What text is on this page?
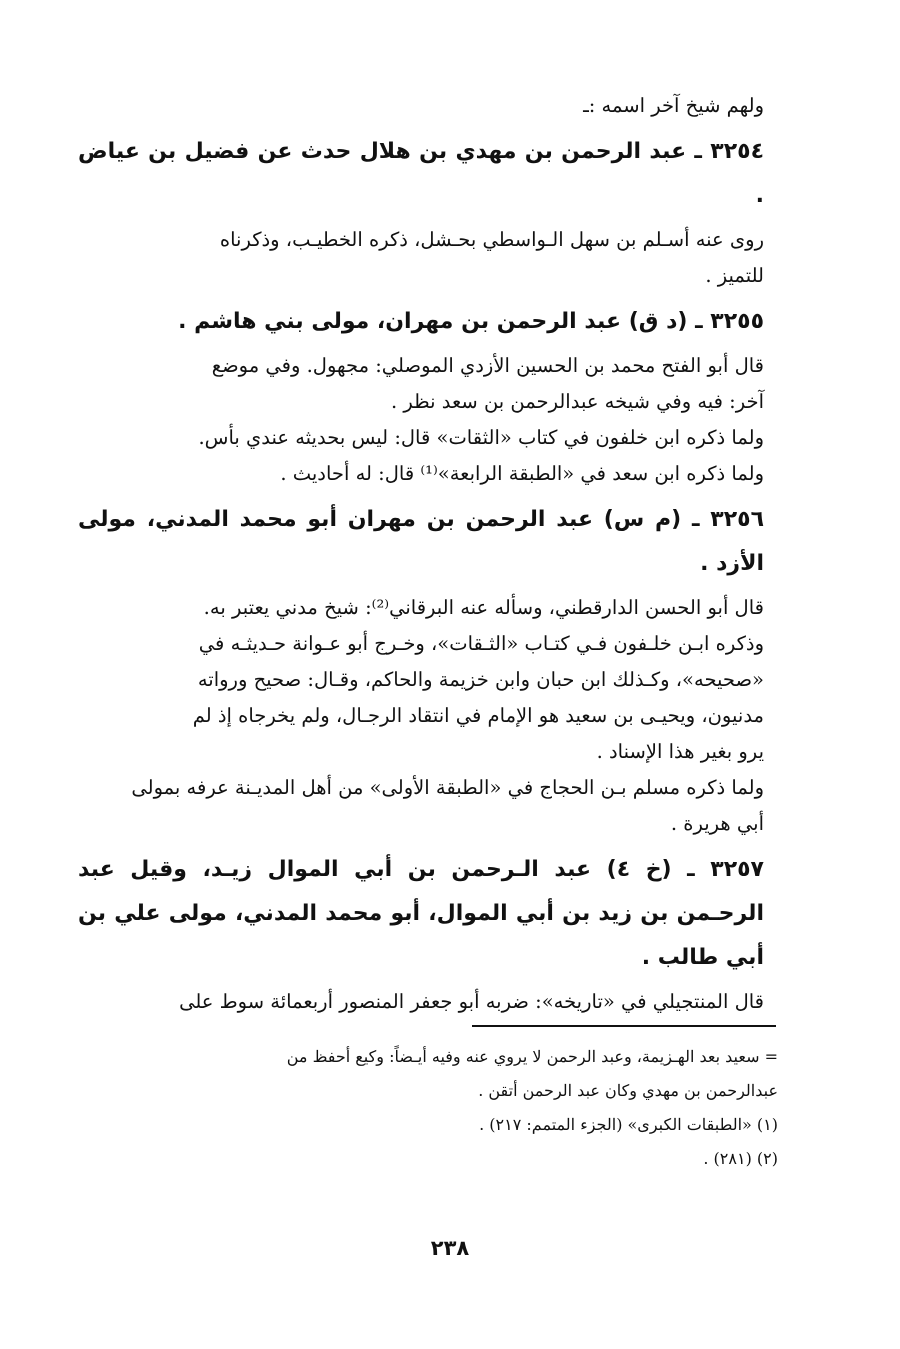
ولهم شيخ آخر اسمه :ـ

٣٢٥٤ ـ عبد الرحمن بن مهدي بن هلال حدث عن فضيل بن عياض .

روى عنه أسـلم بن سهل الـواسطي بحـشل، ذكره الخطيـب، وذكرناه
للتميز .

٣٢٥٥ ـ (د ق) عبد الرحمن بن مهران، مولى بني هاشم .

قال أبو الفتح محمد بن الحسين الأزدي الموصلي: مجهول. وفي موضع
آخر: فيه وفي شيخه عبدالرحمن بن سعد نظر .
ولما ذكره ابن خلفون في كتاب «الثقات» قال: ليس بحديثه عندي بأس.
ولما ذكره ابن سعد في «الطبقة الرابعة»⁽¹⁾ قال: له أحاديث .

٣٢٥٦ ـ (م س) عبد الرحمن بن مهران أبو محمد المدني، مولى الأزد .

قال أبو الحسن الدارقطني، وسأله عنه البرقاني⁽²⁾: شيخ مدني يعتبر به.
وذكره ابـن خلـفون فـي كتـاب «الثـقات»، وخـرج أبو عـوانة حـديثـه في
«صحيحه»، وكـذلك ابن حبان وابن خزيمة والحاكم، وقـال: صحيح ورواته
مدنيون، ويحيـى بن سعيد هو الإمام في انتقاد الرجـال، ولم يخرجاه إذ لم
يرو بغير هذا الإسناد .
ولما ذكره مسلم بـن الحجاج في «الطبقة الأولى» من أهل المديـنة عرفه بمولى
أبي هريرة .

٣٢٥٧ ـ (خ ٤) عبد الـرحمن بن أبي الموال زيـد، وقيل عبد الرحـمن بن زيد بن أبي الموال، أبو محمد المدني، مولى علي بن أبي طالب .

قال المنتجيلي في «تاريخه»: ضربه أبو جعفر المنصور أربعمائة سوط على

= سعيد بعد الهـزيمة، وعبد الرحمن لا يروي عنه وفيه أيـضاً: وكيع أحفظ من
عبدالرحمن بن مهدي وكان عبد الرحمن أتقن .
(١) «الطبقات الكبرى» (الجزء المتمم: ٢١٧) .
(٢) (٢٨١) .
٢٣٨
